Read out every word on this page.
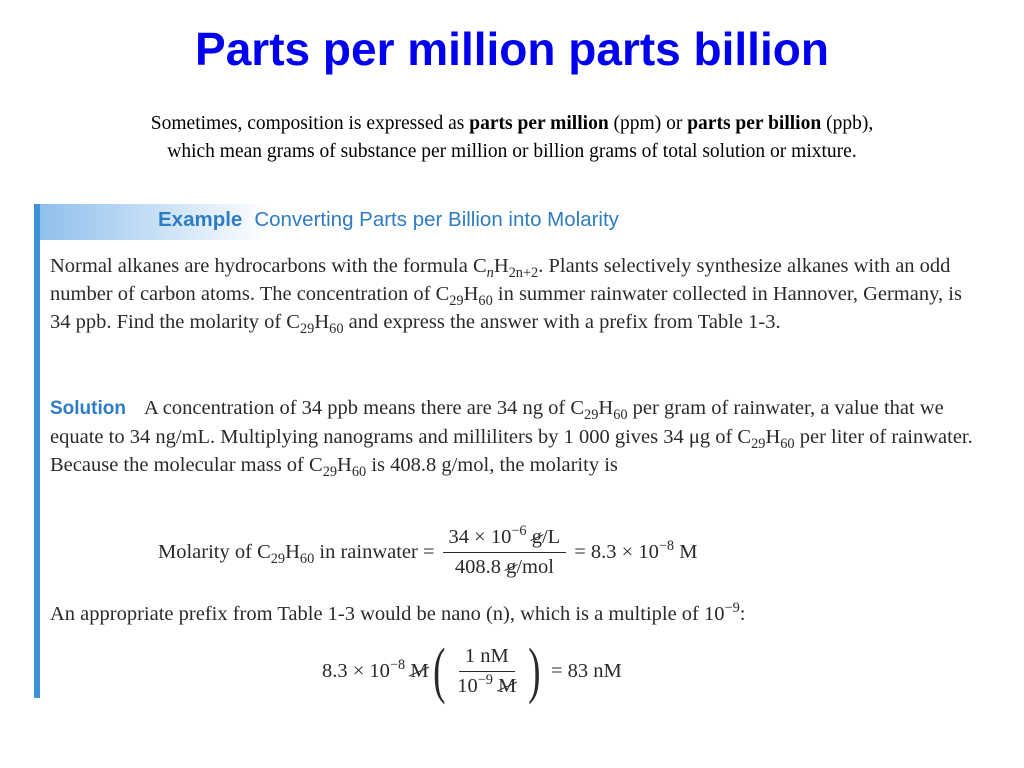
Parts per million parts billion

Sometimes, composition is expressed as parts per million (ppm) or parts per billion (ppb),
which mean grams of substance per million or billion grams of total solution or mixture.

Example Converting Parts per Billion into Molarity

Normal alkanes are hydrocarbons with the formula $C_nH_{2n+2}$. Plants selectively synthesize alkanes with an odd number of carbon atoms. The concentration of $C_{29}H_{60}$ in summer rainwater collected in Hannover, Germany, is 34 ppb. Find the molarity of $C_{29}H_{60}$ and express the answer with a prefix from Table 1-3.

Solution A concentration of 34 ppb means there are 34 ng of $C_{29}H_{60}$ per gram of rainwater, a value that we equate to 34 ng/mL. Multiplying nanograms and milliliters by 1 000 gives 34 μg of $C_{29}H_{60}$ per liter of rainwater. Because the molecular mass of $C_{29}H_{60}$ is 408.8 g/mol, the molarity is

Molarity of $C_{29}H_{60}$ in rainwater = $\frac{34 \times 10^{-6} g/L}{\text{408.8 g/mol}} = 8.3 \times 10^{-8}$ M

An appropriate prefix from Table 1-3 would be nano (n), which is a multiple of $10^{-9}$:

$8.3 \times 10^{-8}$ M ( $\frac{1 nM}{10^{-9} M}$ ) = 83 nM
